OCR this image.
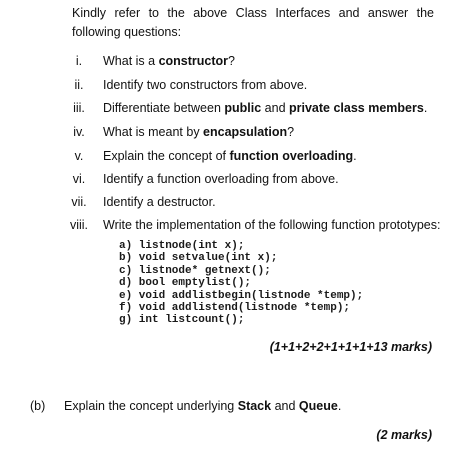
Kindly refer to the above Class Interfaces and answer the following questions:
i.	What is a constructor?
ii.	Identify two constructors from above.
iii.	Differentiate between public and private class members.
iv.	What is meant by encapsulation?
v.	Explain the concept of function overloading.
vi.	Identify a function overloading from above.
vii.	Identify a destructor.
viii.	Write the implementation of the following function prototypes:
a) listnode(int x);
b) void setvalue(int x);
c) listnode* getnext();
d) bool emptylist();
e) void addlistbegin(listnode *temp);
f) void addlistend(listnode *temp);
g) int listcount();
(1+1+2+2+1+1+1+13 marks)
(b) Explain the concept underlying Stack and Queue.
(2 marks)
